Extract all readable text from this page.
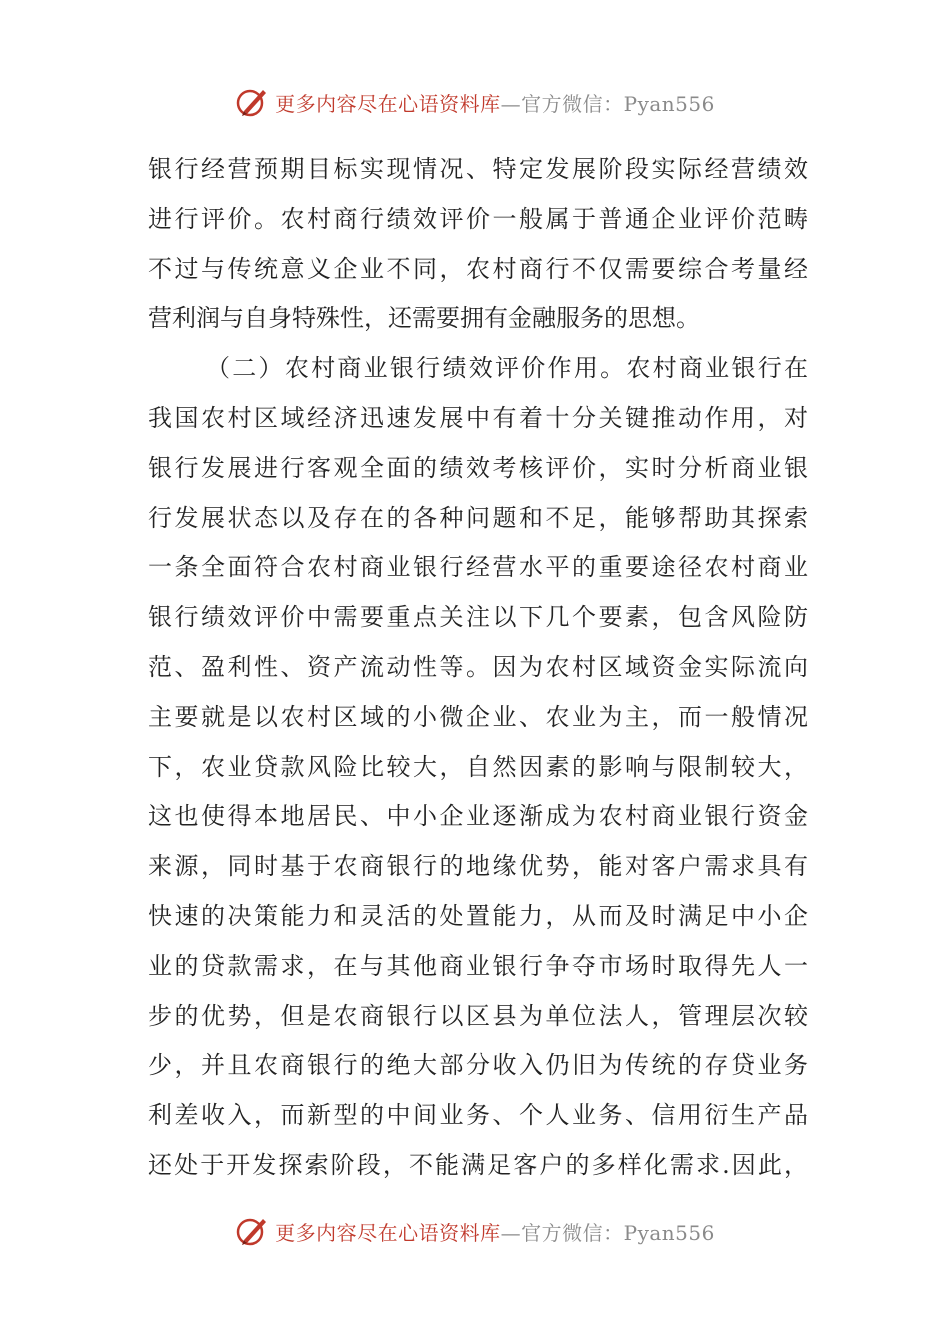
更多内容尽在心语资料库—官方微信：Pyan556
银行经营预期目标实现情况、特定发展阶段实际经营绩效
进行评价。农村商行绩效评价一般属于普通企业评价范畴
不过与传统意义企业不同，农村商行不仅需要综合考量经
营利润与自身特殊性，还需要拥有金融服务的思想。
（二）农村商业银行绩效评价作用。农村商业银行在
我国农村区域经济迅速发展中有着十分关键推动作用，对
银行发展进行客观全面的绩效考核评价，实时分析商业银
行发展状态以及存在的各种问题和不足，能够帮助其探索
一条全面符合农村商业银行经营水平的重要途径农村商业
银行绩效评价中需要重点关注以下几个要素，包含风险防
范、盈利性、资产流动性等。因为农村区域资金实际流向
主要就是以农村区域的小微企业、农业为主，而一般情况
下，农业贷款风险比较大，自然因素的影响与限制较大，
这也使得本地居民、中小企业逐渐成为农村商业银行资金
来源，同时基于农商银行的地缘优势，能对客户需求具有
快速的决策能力和灵活的处置能力，从而及时满足中小企
业的贷款需求，在与其他商业银行争夺市场时取得先人一
步的优势，但是农商银行以区县为单位法人，管理层次较
少，并且农商银行的绝大部分收入仍旧为传统的存贷业务
利差收入，而新型的中间业务、个人业务、信用衍生产品
还处于开发探索阶段，不能满足客户的多样化需求.因此，
更多内容尽在心语资料库—官方微信：Pyan556
